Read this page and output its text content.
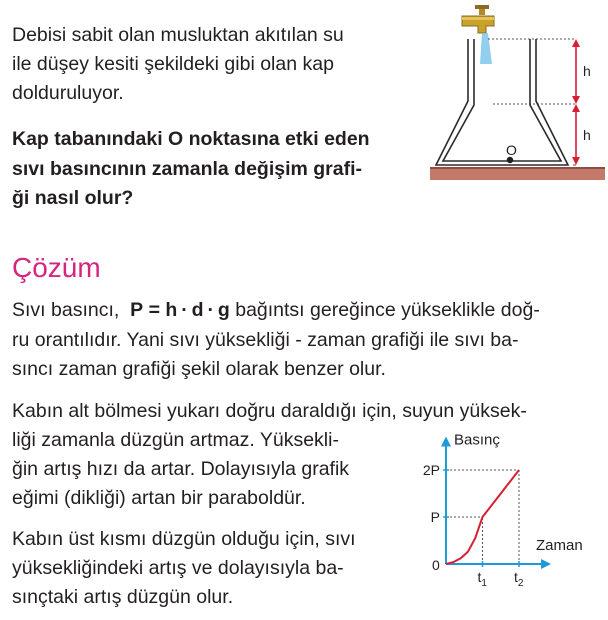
Debisi sabit olan musluktan akıtılan su
ile düşey kesiti şekildeki gibi olan kap
dolduruluyor.
Kap tabanındaki O noktasına etki eden
sıvı basıncının zamanla değişim grafi-
ği nasıl olur?
O
h
h
Çözüm
Sıvı basıncı, P = h · d · g bağıntsı gereğince yükseklikle doğ-
ru orantılıdır. Yani sıvı yüksekliği - zaman grafiği ile sıvı ba-
sıncı zaman grafiği şekil olarak benzer olur.
Kabın alt bölmesi yukarı doğru daraldığı için, suyun yüksek-
liği zamanla düzgün artmaz. Yüksekli-
ğin artış hızı da artar. Dolayısıyla grafik
eğimi (dikliği) artan bir paraboldür.
Kabın üst kısmı düzgün olduğu için, sıvı
yüksekliğindeki artış ve dolayısıyla ba-
sınçtaki artış düzgün olur.
Basınç
Zaman
0
P
2P
$t_1$ $t_2$
